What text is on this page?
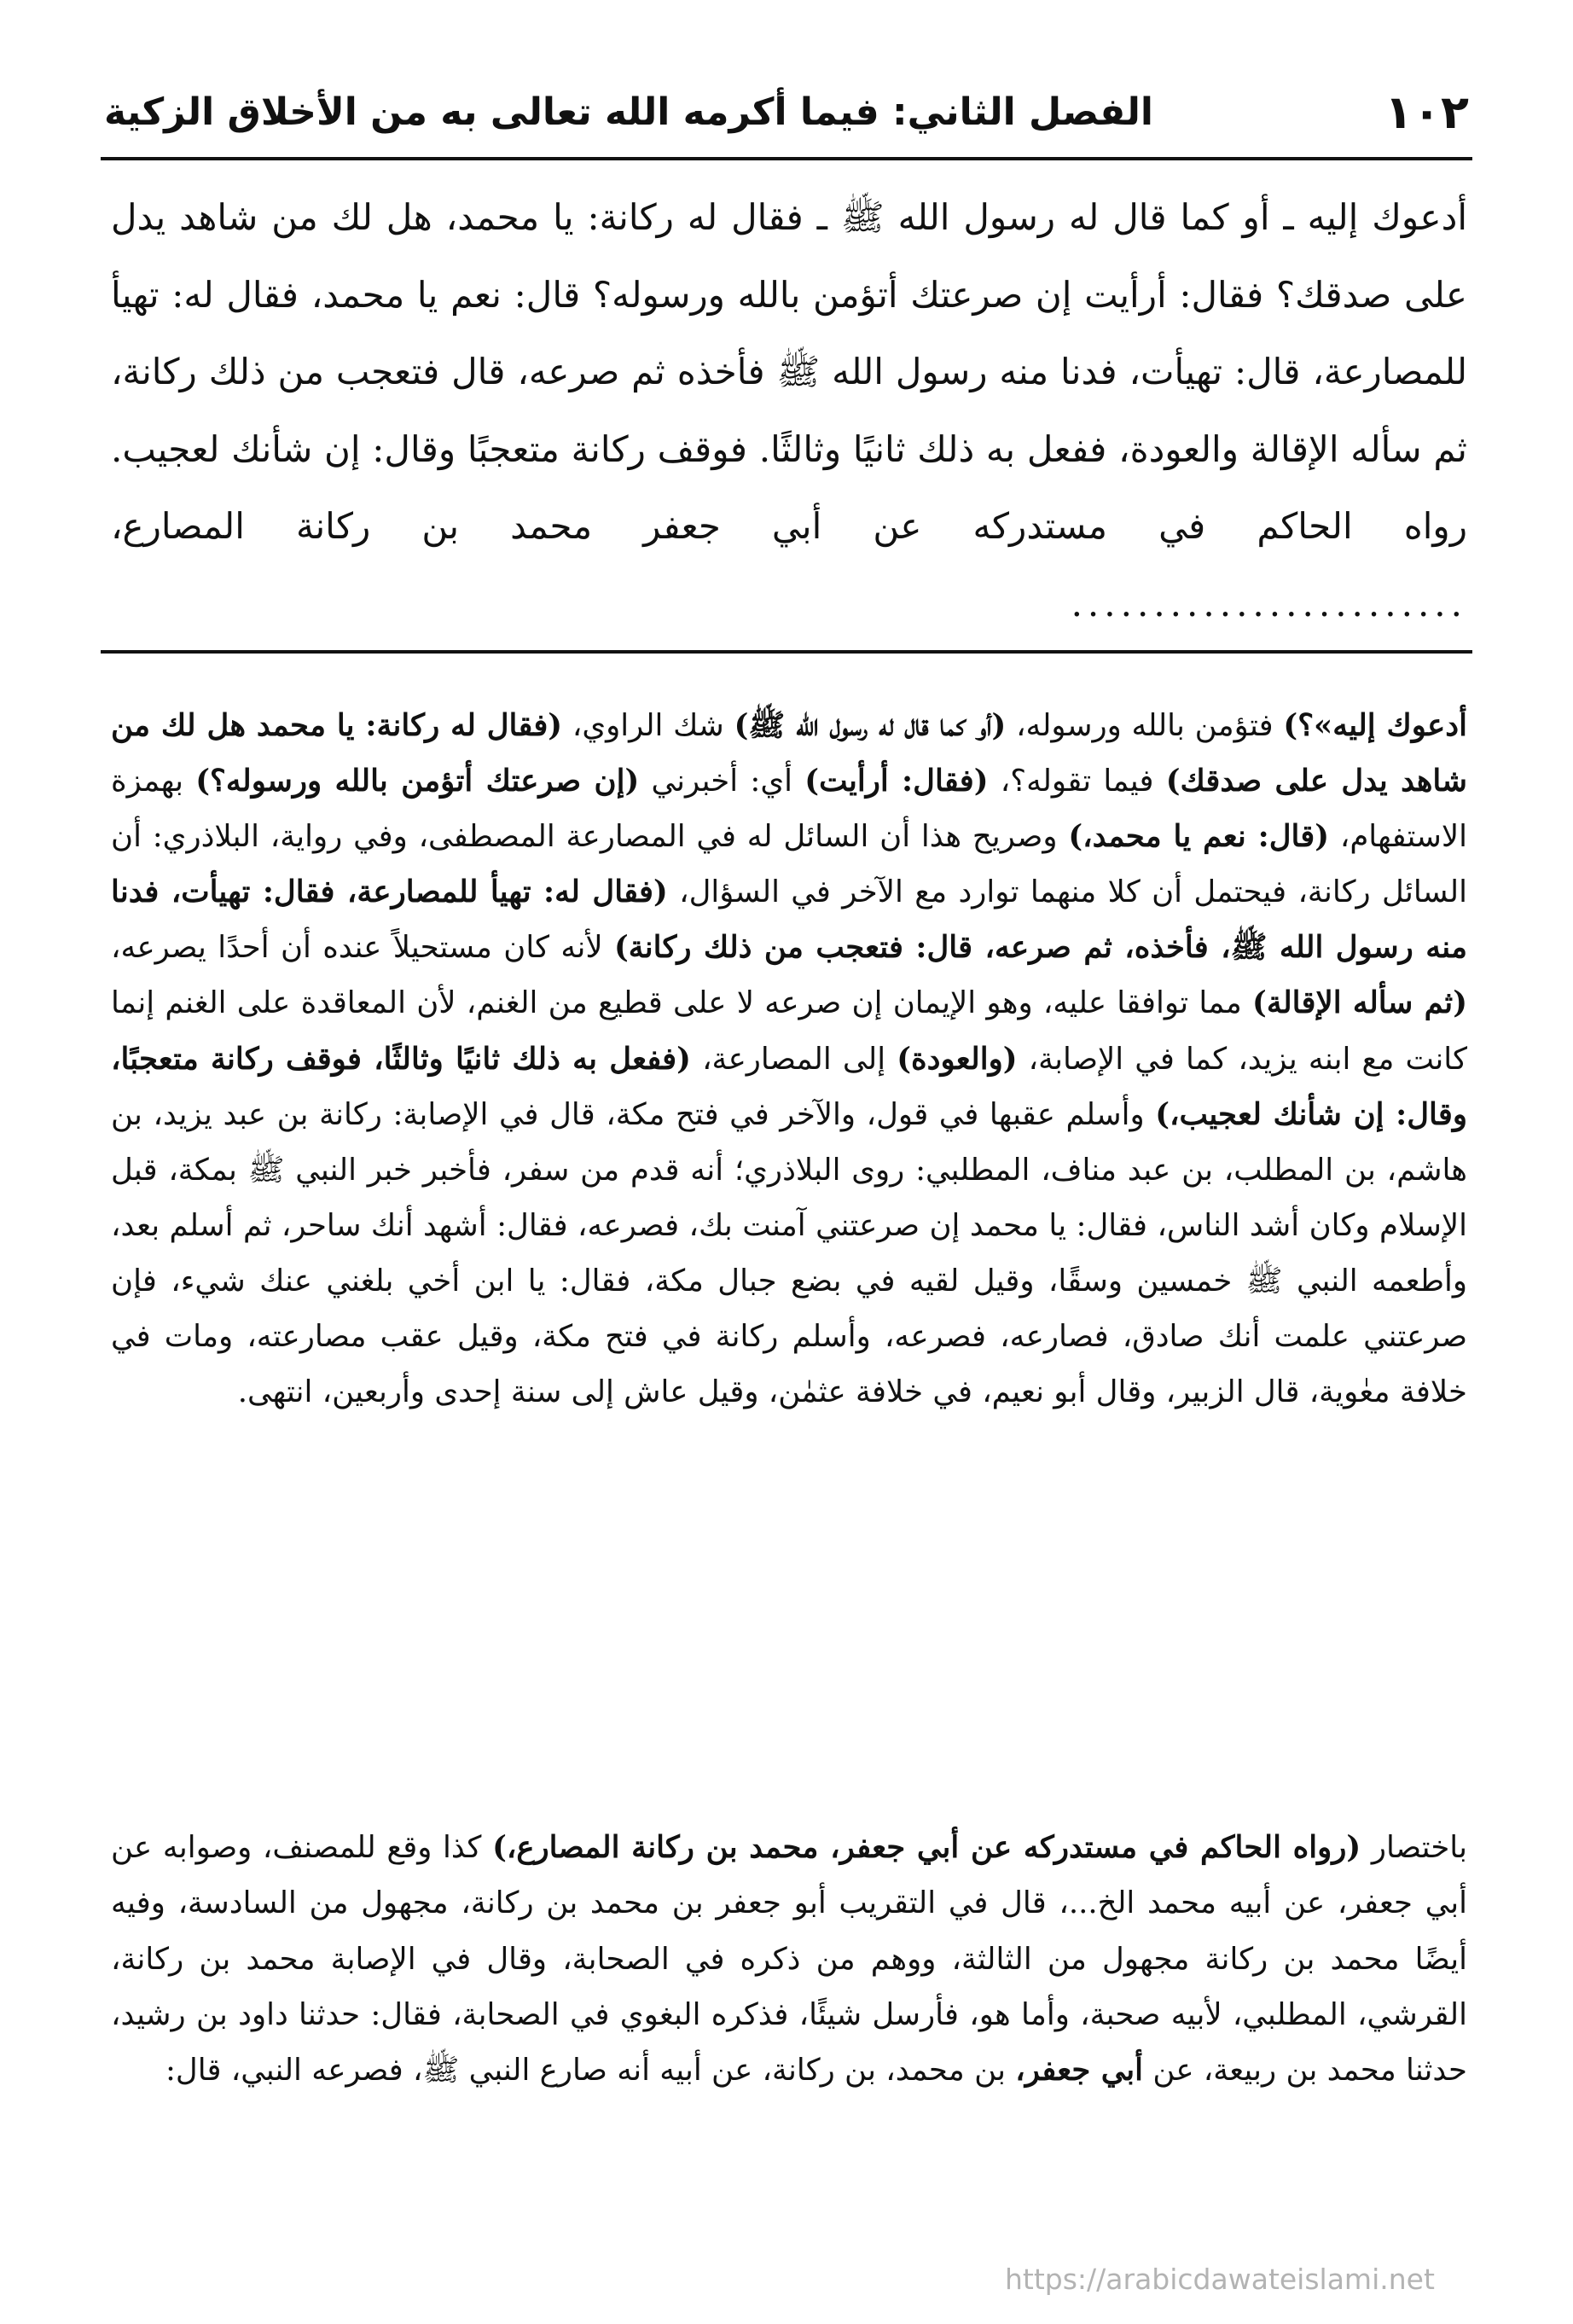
١٠٢
الفصل الثاني: فيما أكرمه الله تعالى به من الأخلاق الزكية

أدعوك إليه ـ أو كما قال له رسول الله ﷺ ـ فقال له ركانة: يا محمد، هل لك من شاهد يدل على صدقك؟ فقال: أرأيت إن صرعتك أتؤمن بالله ورسوله؟ قال: نعم يا محمد، فقال له: تهيأ للمصارعة، قال: تهيأت، فدنا منه رسول الله ﷺ فأخذه ثم صرعه، قال فتعجب من ذلك ركانة، ثم سأله الإقالة والعودة، ففعل به ذلك ثانيًا وثالثًا. فوقف ركانة متعجبًا وقال: إن شأنك لعجيب. رواه الحاكم في مستدركه عن أبي جعفر محمد بن ركانة المصارع، ........................

أدعوك إليه»؟) فتؤمن بالله ورسوله، (أو كما قال له رسول الله ﷺ) شك الراوي، (فقال له ركانة: يا محمد هل لك من شاهد يدل على صدقك) فيما تقوله؟، (فقال: أرأيت) أي: أخبرني (إن صرعتك أتؤمن بالله ورسوله؟) بهمزة الاستفهام، (قال: نعم يا محمد،) وصريح هذا أن السائل له في المصارعة المصطفى، وفي رواية، البلاذري: أن السائل ركانة، فيحتمل أن كلا منهما توارد مع الآخر في السؤال، (فقال له: تهيأ للمصارعة، فقال: تهيأت، فدنا منه رسول الله ﷺ، فأخذه، ثم صرعه، قال: فتعجب من ذلك ركانة) لأنه كان مستحيلاً عنده أن أحدًا يصرعه، (ثم سأله الإقالة) مما توافقا عليه، وهو الإيمان إن صرعه لا على قطيع من الغنم، لأن المعاقدة على الغنم إنما كانت مع ابنه يزيد، كما في الإصابة، (والعودة) إلى المصارعة، (ففعل به ذلك ثانيًا وثالثًا، فوقف ركانة متعجبًا، وقال: إن شأنك لعجيب،) وأسلم عقبها في قول، والآخر في فتح مكة، قال في الإصابة: ركانة بن عبد يزيد، بن هاشم، بن المطلب، بن عبد مناف، المطلبي: روى البلاذري؛ أنه قدم من سفر، فأخبر خبر النبي ﷺ بمكة، قبل الإسلام وكان أشد الناس، فقال: يا محمد إن صرعتني آمنت بك، فصرعه، فقال: أشهد أنك ساحر، ثم أسلم بعد، وأطعمه النبي ﷺ خمسين وسقًا، وقيل لقيه في بضع جبال مكة، فقال: يا ابن أخي بلغني عنك شيء، فإن صرعتني علمت أنك صادق، فصارعه، فصرعه، وأسلم ركانة في فتح مكة، وقيل عقب مصارعته، ومات في خلافة معٰوية، قال الزبير، وقال أبو نعيم، في خلافة عثمٰن، وقيل عاش إلى سنة إحدى وأربعين، انتهى.

باختصار (رواه الحاكم في مستدركه عن أبي جعفر، محمد بن ركانة المصارع،) كذا وقع للمصنف، وصوابه عن أبي جعفر، عن أبيه محمد الخ...، قال في التقريب أبو جعفر بن محمد بن ركانة، مجهول من السادسة، وفيه أيضًا محمد بن ركانة مجهول من الثالثة، ووهم من ذكره في الصحابة، وقال في الإصابة محمد بن ركانة، القرشي، المطلبي، لأبيه صحبة، وأما هو، فأرسل شيئًا، فذكره البغوي في الصحابة، فقال: حدثنا داود بن رشيد، حدثنا محمد بن ربيعة، عن أبي جعفر، بن محمد، بن ركانة، عن أبيه أنه صارع النبي ﷺ، فصرعه النبي، قال:

https://arabicdawateislami.net
